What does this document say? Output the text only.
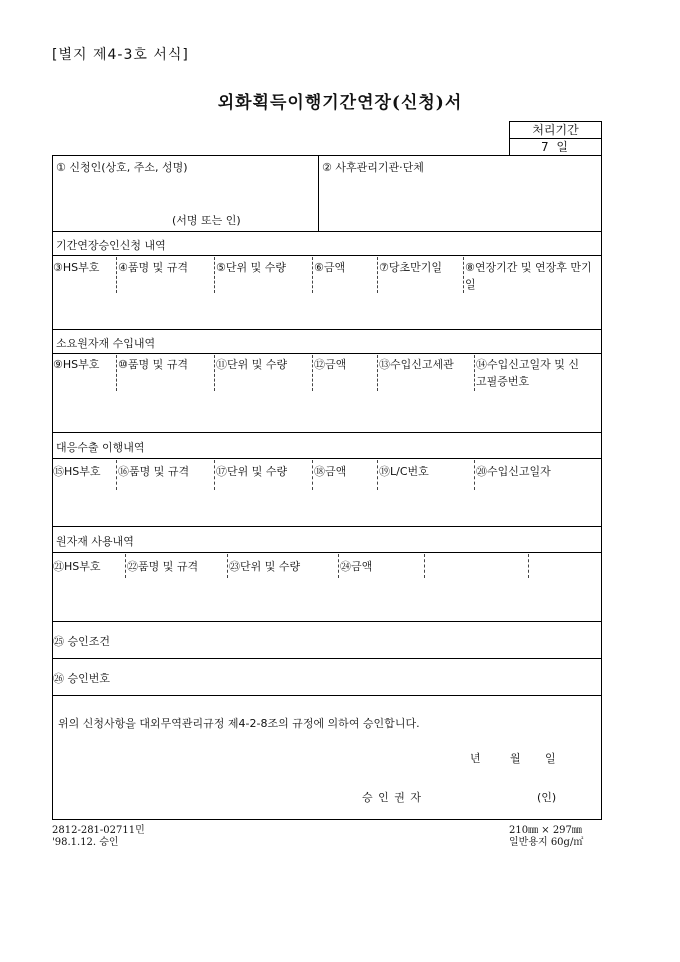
[별지 제4-3호 서식]
외화획득이행기간연장(신청)서
처리기간
7 일
① 신청인(상호, 주소, 성명)
(서명 또는 인)
② 사후관리기관·단체
기간연장승인신청 내역
③HS부호 ④품명 및 규격	⑤단위 및 수량	⑥금액	⑦당초만기일 ⑧연장기간 및 연장후 만기일
소요원자재 수입내역
⑨HS부호 ⑩품명 및 규격	⑪단위 및 수량 ⑫금액	⑬수입신고세관 ⑭수입신고일자 및 신고필증번호
대응수출 이행내역
⑮HS부호 ⑯품명 및 규격 ⑰단위 및 수량 ⑱금액	⑲L/C번호	⑳수입신고일자
원자재 사용내역
㉑HS부호 ㉒품명 및 규격	㉓단위 및 수량	㉔금액
㉕ 승인조건
㉖ 승인번호
위의 신청사항을 대외무역관리규정 제4-2-8조의 규정에 의하여 승인합니다.
년	월 일
승 인 권 자	(인)
2812-281-02711민
'98.1.12. 승인
210㎜ × 297㎜
일반용지 60g/㎡
